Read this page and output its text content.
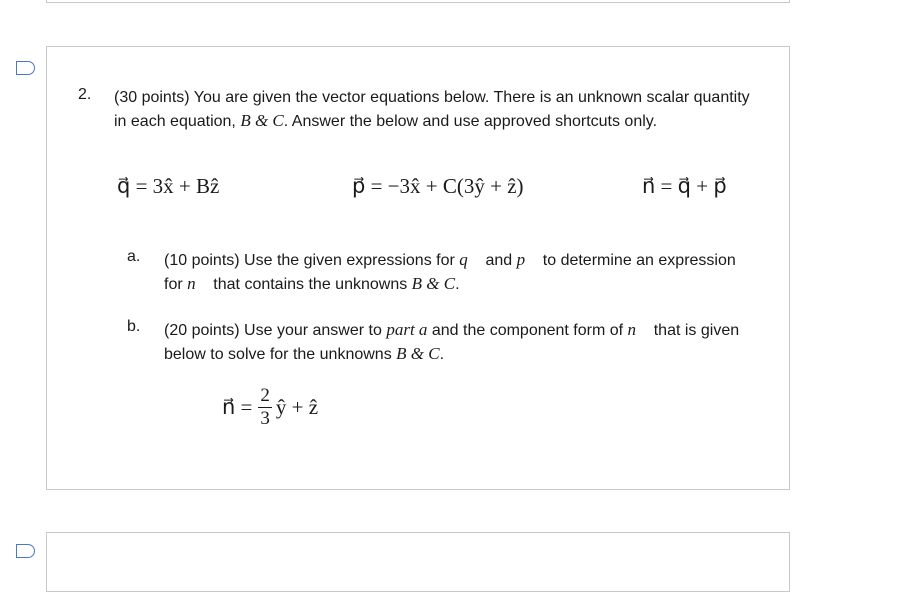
2. (30 points) You are given the vector equations below. There is an unknown scalar quantity in each equation, B & C. Answer the below and use approved shortcuts only.
q⃗ = 3x̂ + Bẑ	p⃗ = −3x̂ + C(3ŷ + ẑ)	n⃗ = q⃗ + p⃗
a. (10 points) Use the given expressions for q⃗ and p⃗ to determine an expression for n⃗ that contains the unknowns B & C.
b. (20 points) Use your answer to part a and the component form of n⃗ that is given below to solve for the unknowns B & C.
n⃗ = $\frac{2}{3}$ ŷ + ẑ
